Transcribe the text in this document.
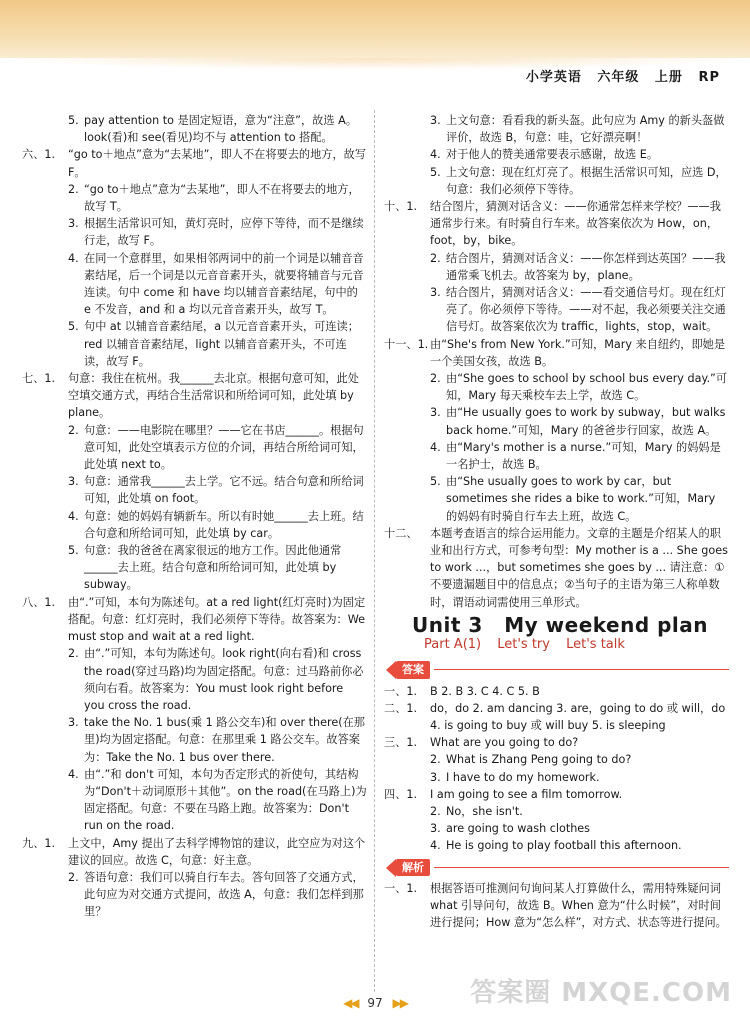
小学英语 六年级 上册 RP

5. pay attention to 是固定短语，意为“注意”，故选 A。look(看)和 see(看见)均不与 attention to 搭配。

六、1. “go to＋地点”意为“去某地”，即人不在将要去的地方，故写 F。

2. “go to＋地点”意为“去某地”，即人不在将要去的地方，故写 T。

3. 根据生活常识可知，黄灯亮时，应停下等待，而不是继续行走，故写 F。

4. 在同一个意群里，如果相邻两词中的前一个词是以辅音音素结尾，后一个词是以元音音素开头，就要将辅音与元音连读。句中 come 和 have 均以辅音音素结尾，句中的 e 不发音，and 和 a 均以元音音素开头，故写 T。

5. 句中 at 以辅音音素结尾，a 以元音音素开头，可连读；red 以辅音音素结尾，light 以辅音音素开头，不可连读，故写 F。

七、1. 句意：我住在杭州。我______去北京。根据句意可知，此处空填交通方式，再结合生活常识和所给词可知，此处填 by plane。

2. 句意：——电影院在哪里？——它在书店______。根据句意可知，此处空填表示方位的介词，再结合所给词可知，此处填 next to。

3. 句意：通常我______去上学。它不远。结合句意和所给词可知，此处填 on foot。

4. 句意：她的妈妈有辆新车。所以有时她______去上班。结合句意和所给词可知，此处填 by car。

5. 句意：我的爸爸在离家很远的地方工作。因此他通常______去上班。结合句意和所给词可知，此处填 by subway。

八、1. 由“.”可知，本句为陈述句。at a red light(红灯亮时)为固定搭配。句意：红灯亮时，我们必须停下等待。故答案为：We must stop and wait at a red light.

2. 由“.”可知，本句为陈述句。look right(向右看)和 cross the road(穿过马路)均为固定搭配。句意：过马路前你必须向右看。故答案为：You must look right before you cross the road.

3. take the No. 1 bus(乘 1 路公交车)和 over there(在那里)均为固定搭配。句意：在那里乘 1 路公交车。故答案为：Take the No. 1 bus over there.

4. 由“.”和 don't 可知，本句为否定形式的祈使句，其结构为“Don't＋动词原形＋其他”。on the road(在马路上)为固定搭配。句意：不要在马路上跑。故答案为：Don't run on the road.

九、1. 上文中，Amy 提出了去科学博物馆的建议，此空应为对这个建议的回应。故选 C，句意：好主意。

2. 答语句意：我们可以骑自行车去。答句回答了交通方式，此句应为对交通方式提问，故选 A，句意：我们怎样到那里？

3. 上文句意：看看我的新头盔。此句应为 Amy 的新头盔做评价，故选 B，句意：哇，它好漂亮啊！

4. 对于他人的赞美通常要表示感谢，故选 E。

5. 上文句意：现在红灯亮了。根据生活常识可知，应选 D，句意：我们必须停下等待。

十、1. 结合图片，猜测对话含义：——你通常怎样来学校？——我通常步行来。有时骑自行车来。故答案依次为 How，on，foot，by，bike。

2. 结合图片，猜测对话含义：——你怎样到达英国？——我通常乘飞机去。故答案为 by，plane。

3. 结合图片，猜测对话含义：——看交通信号灯。现在红灯亮了。你必须停下等待。——对不起，我必须要关注交通信号灯。故答案依次为 traffic，lights，stop，wait。

十一、1. 由“She's from New York.”可知，Mary 来自纽约，即她是一个美国女孩，故选 B。

2. 由“She goes to school by school bus every day.”可知，Mary 每天乘校车去上学，故选 C。

3. 由“He usually goes to work by subway，but walks back home.”可知，Mary 的爸爸步行回家，故选 A。

4. 由“Mary's mother is a nurse.”可知，Mary 的妈妈是一名护士，故选 B。

5. 由“She usually goes to work by car，but sometimes she rides a bike to work.”可知，Mary 的妈妈有时骑自行车去上班，故选 C。

十二、 本题考查语言的综合运用能力。文章的主题是介绍某人的职业和出行方式，可参考句型：My mother is a ... She goes to work ...，but sometimes she goes by ... 请注意：①不要遗漏题目中的信息点；②当句子的主语为第三人称单数时，谓语动词需使用三单形式。

Unit 3 My weekend plan
Part A(1) Let's try Let's talk
答案

一、1. B 2. B 3. C 4. C 5. B

二、1. do，do 2. am dancing 3. are，going to do 或 will，do 4. is going to buy 或 will buy 5. is sleeping

三、1. What are you going to do?

2. What is Zhang Peng going to do?

3. I have to do my homework.

四、1. I am going to see a film tomorrow.

2. No，she isn't.

3. are going to wash clothes

4. He is going to play football this afternoon.

解析

一、1. 根据答语可推测问句询问某人打算做什么，需用特殊疑问词 what 引导问句，故选 B。When 意为“什么时候”，对时间进行提问；How 意为“怎么样”，对方式、状态等进行提问。

◀◀ 97 ▶▶	答案圈 MXQE.COM
